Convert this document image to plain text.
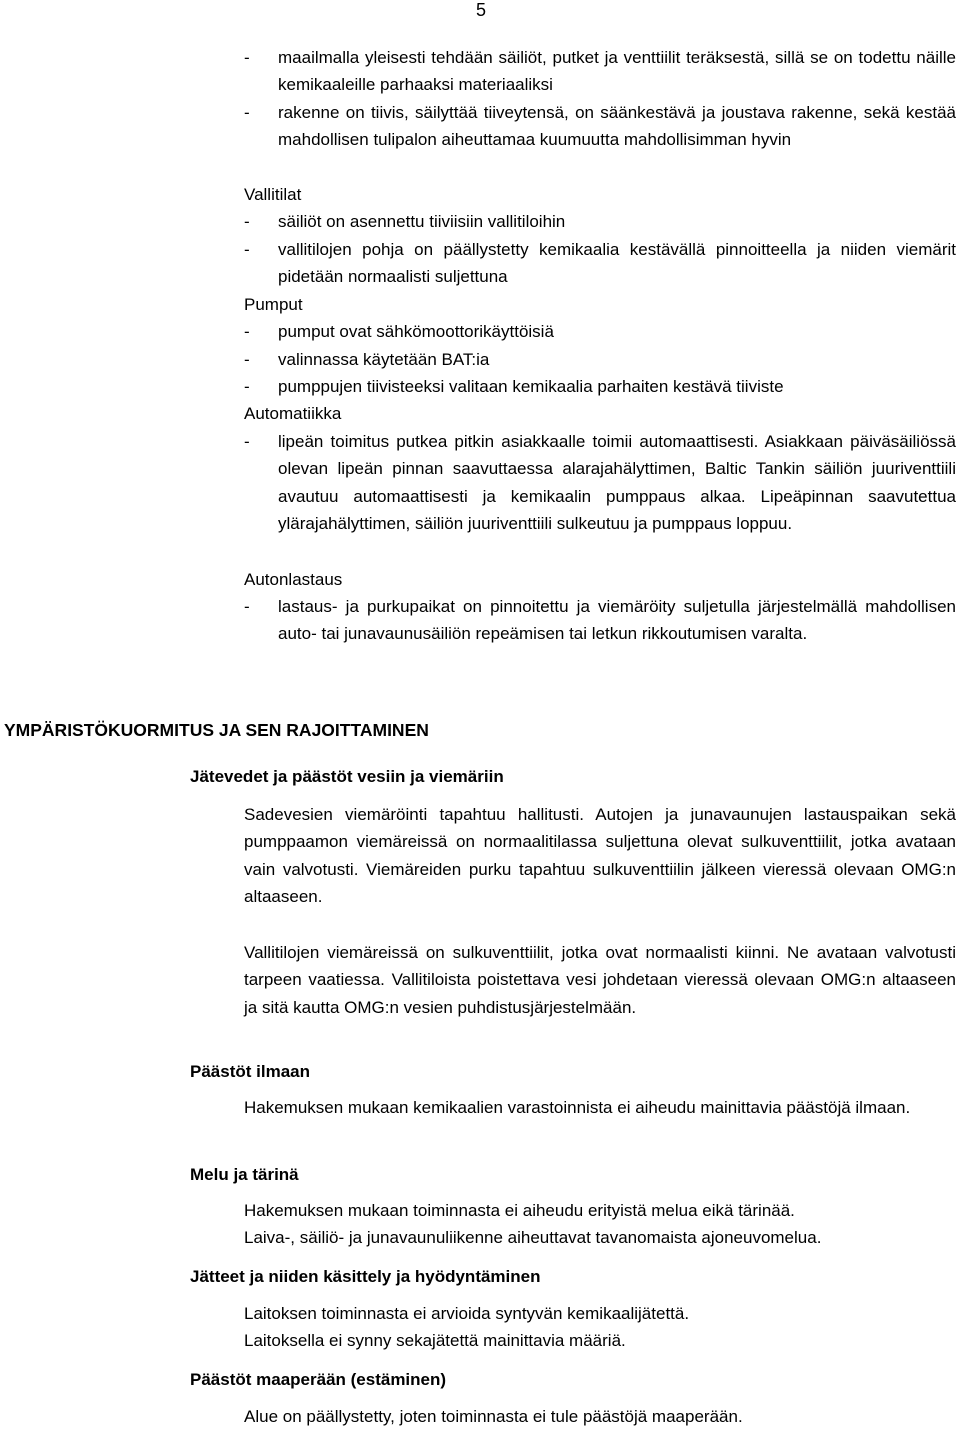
5
- maailmalla yleisesti tehdään säiliöt, putket ja venttiilit teräksestä, sillä se on todettu näille kemikaaleille parhaaksi materiaaliksi
- rakenne on tiivis, säilyttää tiiveytensä, on säänkestävä ja joustava rakenne, sekä kestää mahdollisen tulipalon aiheuttamaa kuumuutta mahdollisimman hyvin
Vallitilat
- säiliöt on asennettu tiiviisiin vallitiloihin
- vallitilojen pohja on päällystetty kemikaalia kestävällä pinnoitteella ja niiden viemärit pidetään normaalisti suljettuna
Pumput
- pumput ovat sähkömoottorikäyttöisiä
- valinnassa käytetään BAT:ia
- pumppujen tiivisteeksi valitaan kemikaalia parhaiten kestävä tiiviste
Automatiikka
- lipeän toimitus putkea pitkin asiakkaalle toimii automaattisesti. Asiakkaan päiväsäiliössä olevan lipeän pinnan saavuttaessa alarajahälyttimen, Baltic Tankin säiliön juuriventtiili avautuu automaattisesti ja kemikaalin pumppaus alkaa. Lipeäpinnan saavutettua ylärajahälyttimen, säiliön juuriventtiili sulkeutuu ja pumppaus loppuu.
Autonlastaus
- lastaus- ja purkupaikat on pinnoitettu ja viemäröity suljetulla järjestelmällä mahdollisen auto- tai junavaunusäiliön repeämisen tai letkun rikkoutumisen varalta.
YMPÄRISTÖKUORMITUS JA SEN RAJOITTAMINEN
Jätevedet ja päästöt vesiin ja viemäriin
Sadevesien viemäröinti tapahtuu hallitusti. Autojen ja junavaunujen lastauspaikan sekä pumppaamon viemäreissä on normaalitilassa suljettuna olevat sulkuventtiilit, jotka avataan vain valvotusti. Viemäreiden purku tapahtuu sulkuventtiilin jälkeen vieressä olevaan OMG:n altaaseen.
Vallitilojen viemäreissä on sulkuventtiilit, jotka ovat normaalisti kiinni. Ne avataan valvotusti tarpeen vaatiessa. Vallitiloista poistettava vesi johdetaan vieressä olevaan OMG:n altaaseen ja sitä kautta OMG:n vesien puhdistusjärjestelmään.
Päästöt ilmaan
Hakemuksen mukaan kemikaalien varastoinnista ei aiheudu mainittavia päästöjä ilmaan.
Melu ja tärinä
Hakemuksen mukaan toiminnasta ei aiheudu erityistä melua eikä tärinää.
Laiva-, säiliö- ja junavaunuliikenne aiheuttavat tavanomaista ajoneuvomelua.
Jätteet ja niiden käsittely ja hyödyntäminen
Laitoksen toiminnasta ei arvioida syntyvän kemikaalijätettä.
Laitoksella ei synny sekajätettä mainittavia määriä.
Päästöt maaperään (estäminen)
Alue on päällystetty, joten toiminnasta ei tule päästöjä maaperään.
